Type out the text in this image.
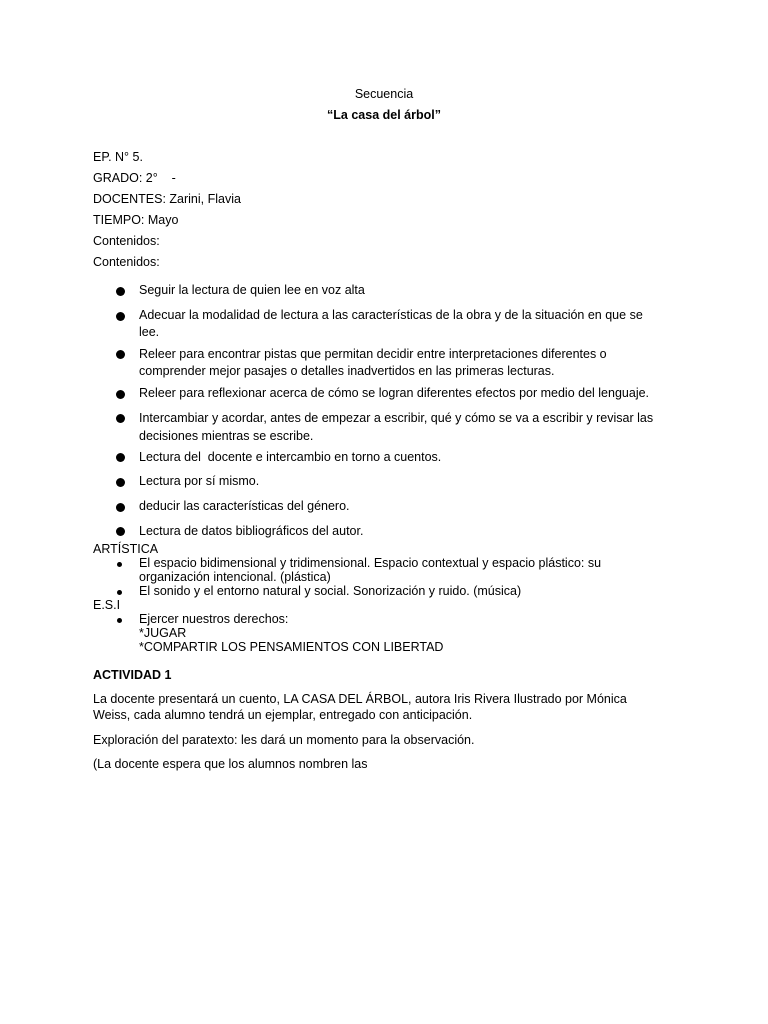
Secuencia
“La casa del árbol”
EP. N° 5.
GRADO: 2°    -
DOCENTES: Zarini, Flavia
TIEMPO: Mayo
Contenidos:
Contenidos:
Seguir la lectura de quien lee en voz alta
Adecuar la modalidad de lectura a las características de la obra y de la situación en que se
lee.
Releer para encontrar pistas que permitan decidir entre interpretaciones diferentes o
comprender mejor pasajes o detalles inadvertidos en las primeras lecturas.
Releer para reflexionar acerca de cómo se logran diferentes efectos por medio del lenguaje.
Intercambiar y acordar, antes de empezar a escribir, qué y cómo se va a escribir y revisar las
decisiones mientras se escribe.
Lectura del  docente e intercambio en torno a cuentos.
Lectura por sí mismo.
deducir las características del género.
Lectura de datos bibliográficos del autor.
ARTÍSTICA
El espacio bidimensional y tridimensional. Espacio contextual y espacio plástico: su
organización intencional. (plástica)
El sonido y el entorno natural y social. Sonorización y ruido. (música)
E.S.I
Ejercer nuestros derechos:
*JUGAR
*COMPARTIR LOS PENSAMIENTOS CON LIBERTAD
ACTIVIDAD 1
La docente presentará un cuento, LA CASA DEL ÁRBOL, autora Iris Rivera Ilustrado por Mónica
Weiss, cada alumno tendrá un ejemplar, entregado con anticipación.
Exploración del paratexto: les dará un momento para la observación.
(La docente espera que los alumnos nombren las
